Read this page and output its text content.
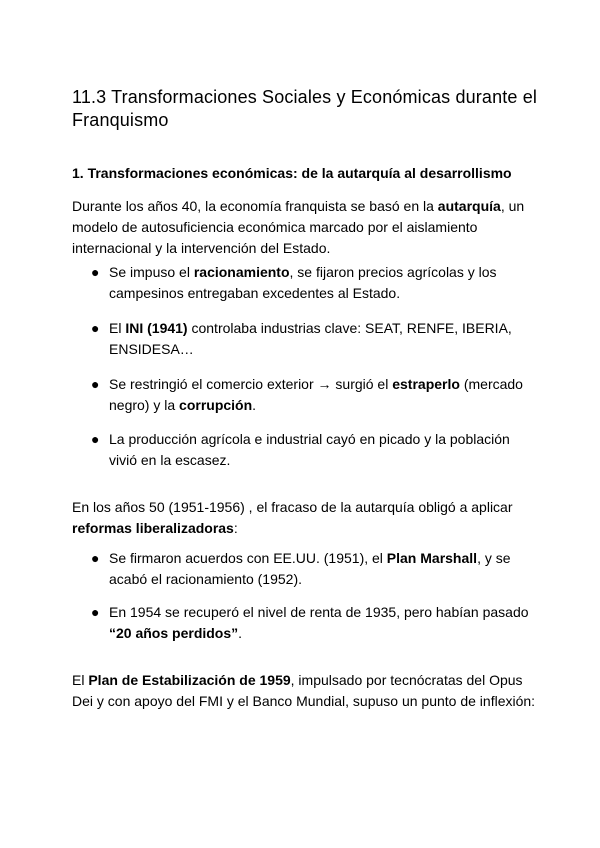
11.3 Transformaciones Sociales y Económicas durante el Franquismo
1. Transformaciones económicas: de la autarquía al desarrollismo

Durante los años 40, la economía franquista se basó en la autarquía, un modelo de autosuficiencia económica marcado por el aislamiento internacional y la intervención del Estado.

● Se impuso el racionamiento, se fijaron precios agrícolas y los campesinos entregaban excedentes al Estado.
● El INI (1941) controlaba industrias clave: SEAT, RENFE, IBERIA, ENSIDESA…
● Se restringió el comercio exterior → surgió el estraperlo (mercado negro) y la corrupción.
● La producción agrícola e industrial cayó en picado y la población vivió en la escasez.

En los años 50 (1951-1956) , el fracaso de la autarquía obligó a aplicar reformas liberalizadoras:

● Se firmaron acuerdos con EE.UU. (1951), el Plan Marshall, y se acabó el racionamiento (1952).
● En 1954 se recuperó el nivel de renta de 1935, pero habían pasado “20 años perdidos”.

El Plan de Estabilización de 1959, impulsado por tecnócratas del Opus Dei y con apoyo del FMI y el Banco Mundial, supuso un punto de inflexión:
